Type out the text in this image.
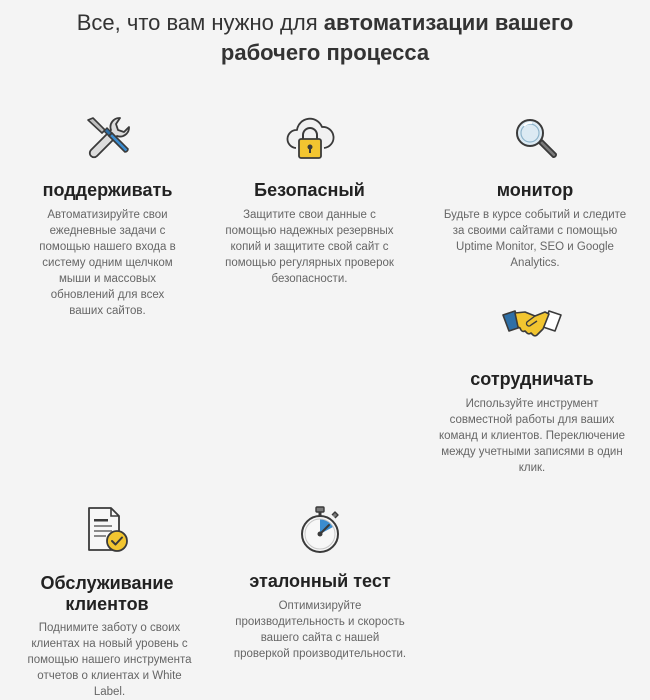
Все, что вам нужно для автоматизации вашего
рабочего процесса
поддерживать
Автоматизируйте свои ежедневные задачи с помощью нашего входа в систему одним щелчком мыши и массовых обновлений для всех ваших сайтов.
Безопасный
Защитите свои данные с помощью надежных резервных копий и защитите свой сайт с помощью регулярных проверок безопасности.
монитор
Будьте в курсе событий и следите за своими сайтами с помощью Uptime Monitor, SEO и Google Analytics.
сотрудничать
Используйте инструмент совместной работы для ваших команд и клиентов. Переключение между учетными записями в один клик.
Обслуживание клиентов
Поднимите заботу о своих клиентах на новый уровень с помощью нашего инструмента отчетов о клиентах и White Label.
эталонный тест
Оптимизируйте производительность и скорость вашего сайта с нашей проверкой производительности.
